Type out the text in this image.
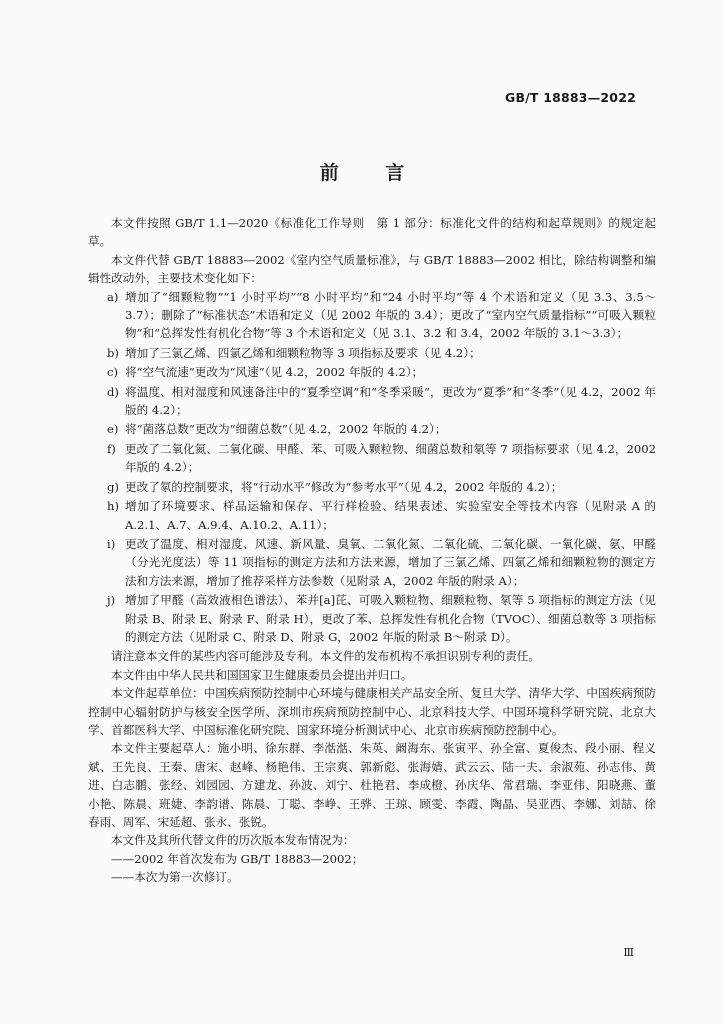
GB/T 18883—2022
前 言

本文件按照 GB/T 1.1—2020《标准化工作导则　第 1 部分：标准化文件的结构和起草规则》的规定起草。

本文件代替 GB/T 18883—2002《室内空气质量标准》，与 GB/T 18883—2002 相比，除结构调整和编辑性改动外，主要技术变化如下：

a) 增加了“细颗粒物”“1 小时平均”“8 小时平均”和“24 小时平均”等 4 个术语和定义（见 3.3、3.5～3.7）；删除了“标准状态”术语和定义（见 2002 年版的 3.4）；更改了“室内空气质量指标”“可吸入颗粒物”和“总挥发性有机化合物”等 3 个术语和定义（见 3.1、3.2 和 3.4，2002 年版的 3.1～3.3）；
b) 增加了三氯乙烯、四氯乙烯和细颗粒物等 3 项指标及要求（见 4.2）；
c) 将“空气流速”更改为“风速”（见 4.2，2002 年版的 4.2）；
d) 将温度、相对湿度和风速备注中的“夏季空调”和“冬季采暖”，更改为“夏季”和“冬季”（见 4.2，2002 年版的 4.2）；
e) 将“菌落总数”更改为“细菌总数”（见 4.2，2002 年版的 4.2）；
f) 更改了二氧化氮、二氧化碳、甲醛、苯、可吸入颗粒物、细菌总数和氡等 7 项指标要求（见 4.2，2002 年版的 4.2）；
g) 更改了氡的控制要求，将“行动水平”修改为“参考水平”（见 4.2，2002 年版的 4.2）；
h) 增加了环境要求、样品运输和保存、平行样检验、结果表述、实验室安全等技术内容（见附录 A 的 A.2.1、A.7、A.9.4、A.10.2、A.11）；
i) 更改了温度、相对湿度、风速、新风量、臭氧、二氧化氮、二氧化硫、二氧化碳、一氧化碳、氨、甲醛（分光光度法）等 11 项指标的测定方法和方法来源，增加了三氯乙烯、四氯乙烯和细颗粒物的测定方法和方法来源，增加了推荐采样方法参数（见附录 A，2002 年版的附录 A）；
j) 增加了甲醛（高效液相色谱法）、苯并[a]芘、可吸入颗粒物、细颗粒物、氡等 5 项指标的测定方法（见附录 B、附录 E、附录 F、附录 H），更改了苯、总挥发性有机化合物（TVOC）、细菌总数等 3 项指标的测定方法（见附录 C、附录 D、附录 G，2002 年版的附录 B～附录 D）。

请注意本文件的某些内容可能涉及专利。本文件的发布机构不承担识别专利的责任。

本文件由中华人民共和国国家卫生健康委员会提出并归口。

本文件起草单位：中国疾病预防控制中心环境与健康相关产品安全所、复旦大学、清华大学、中国疾病预防控制中心辐射防护与核安全医学所、深圳市疾病预防控制中心、北京科技大学、中国环境科学研究院、北京大学、首都医科大学、中国标准化研究院、国家环境分析测试中心、北京市疾病预防控制中心。

本文件主要起草人：施小明、徐东群、李湉湉、朱英、阚海东、张寅平、孙全富、夏俊杰、段小丽、程义斌、王先良、王秦、唐宋、赵峰、杨艳伟、王宗爽、郭新彪、张海婧、武云云、陆一夫、余淑苑、孙志伟、黄进、白志鹏、张经、刘园园、方建龙、孙波、刘宁、杜艳君、李成橙、孙庆华、常君瑞、李亚伟、阳晓燕、董小艳、陈晨、班婕、李韵谱、陈晨、丁聪、李峥、王骅、王琼、顾雯、李霞、陶晶、吴亚西、李娜、刘喆、徐春雨、周军、宋延超、张永、张锐。

本文件及其所代替文件的历次版本发布情况为：

——2002 年首次发布为 GB/T 18883—2002；

——本次为第一次修订。

Ⅲ
